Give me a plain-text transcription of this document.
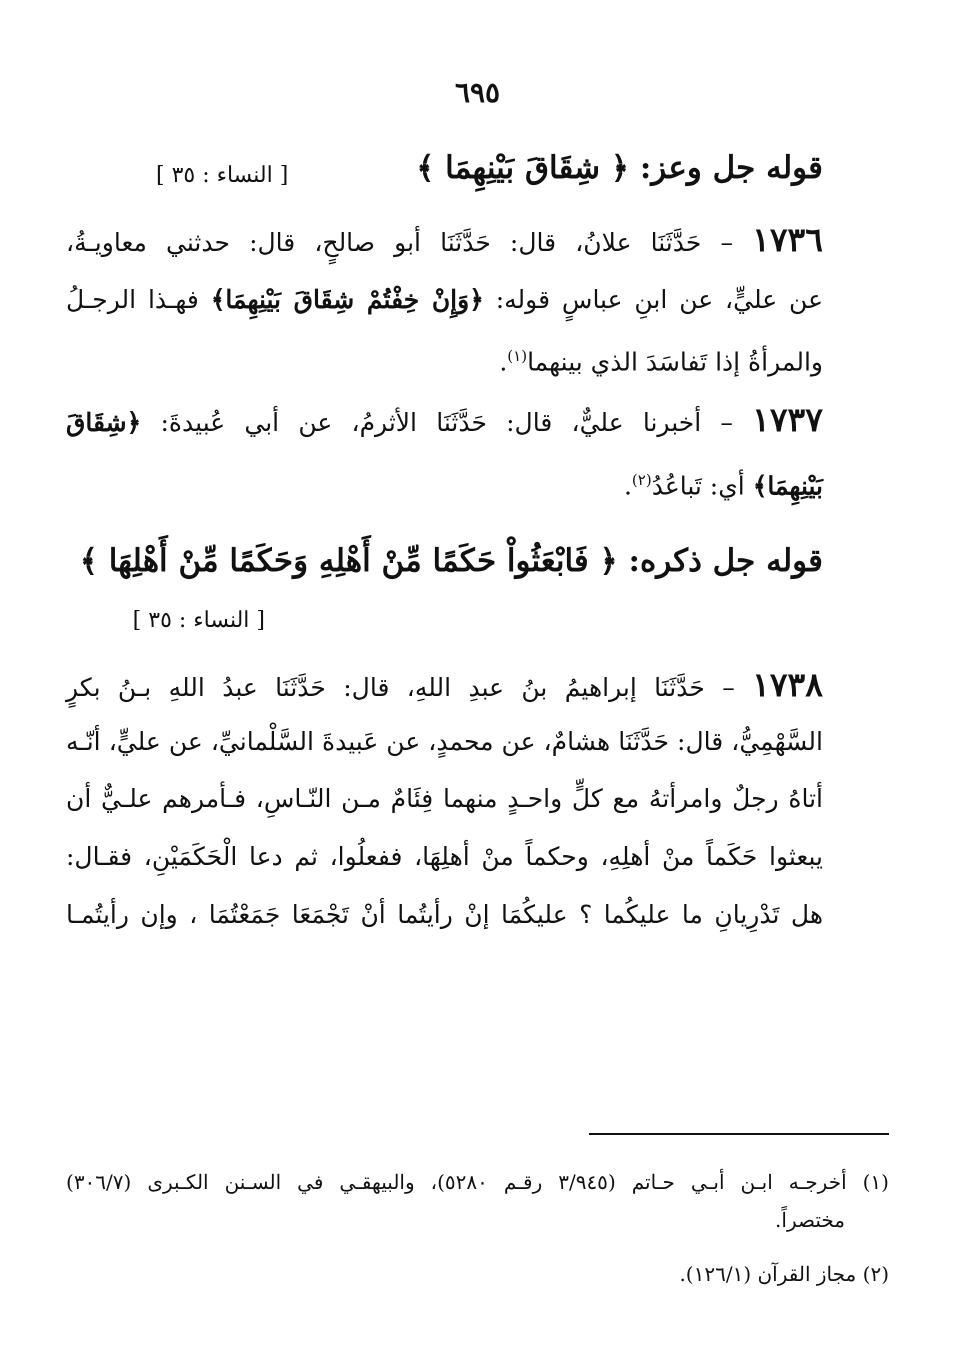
٦٩٥
قوله جل وعز: ﴿ شِقَاقَ بَيْنِهِمَا ﴾
[ النساء : ٣٥ ]
١٧٣٦ – حَدَّثَنَا علانُ، قال: حَدَّثَنَا أبو صالحٍ، قال: حدثني معاويـةُ،
عن عليٍّ، عن ابنِ عباسٍ قوله: ﴿وَإِنْ خِفْتُمْ شِقَاقَ بَيْنِهِمَا﴾ فهـذا الرجـلُ
والمرأةُ إذا تَفاسَدَ الذي بينهما$^{(١)}$.
١٧٣٧ – أخبرنا عليٌّ، قال: حَدَّثَنَا الأثرمُ، عن أبي عُبيدةَ: ﴿شِقَاقَ
بَيْنِهِمَا﴾ أي: تَباعُدُ$^{(٢)}$.
قوله جل ذكره: ﴿ فَابْعَثُواْ حَكَمًا مِّنْ أَهْلِهِ وَحَكَمًا مِّنْ أَهْلِهَا ﴾
[ النساء : ٣٥ ]
١٧٣٨ – حَدَّثَنَا إبراهيمُ بنُ عبدِ اللهِ، قال: حَدَّثَنَا عبدُ اللهِ بـنُ بكرٍ
السَّهْمِيُّ، قال: حَدَّثَنَا هشامٌ، عن محمدٍ، عن عَبيدةَ السَّلْمانيِّ، عن عليٍّ، أنّـه
أتاهُ رجلٌ وامرأتهُ مع كلٍّ واحـدٍ منهما فِئَامٌ مـن النّـاسِ، فـأمرهم علـيٌّ أن
يبعثوا حَكَماً منْ أهلِهِ، وحكماً منْ أهلِهَا، ففعلُوا، ثم دعا الْحَكَمَيْنِ، فقـال:
هل تَدْرِيانِ ما عليكُما ؟ عليكُمَا إنْ رأيتُما أنْ تَجْمَعَا جَمَعْتُمَا ، وإن رأيتُمـا
(١) أخرجـه ابـن أبـي حـاتم (٣/٩٤٥ رقـم ٥٢٨٠)، والبيهقـي في السـنن الكـبرى (٣٠٦/٧)
مختصراً.
(٢) مجاز القرآن (١٢٦/١).
